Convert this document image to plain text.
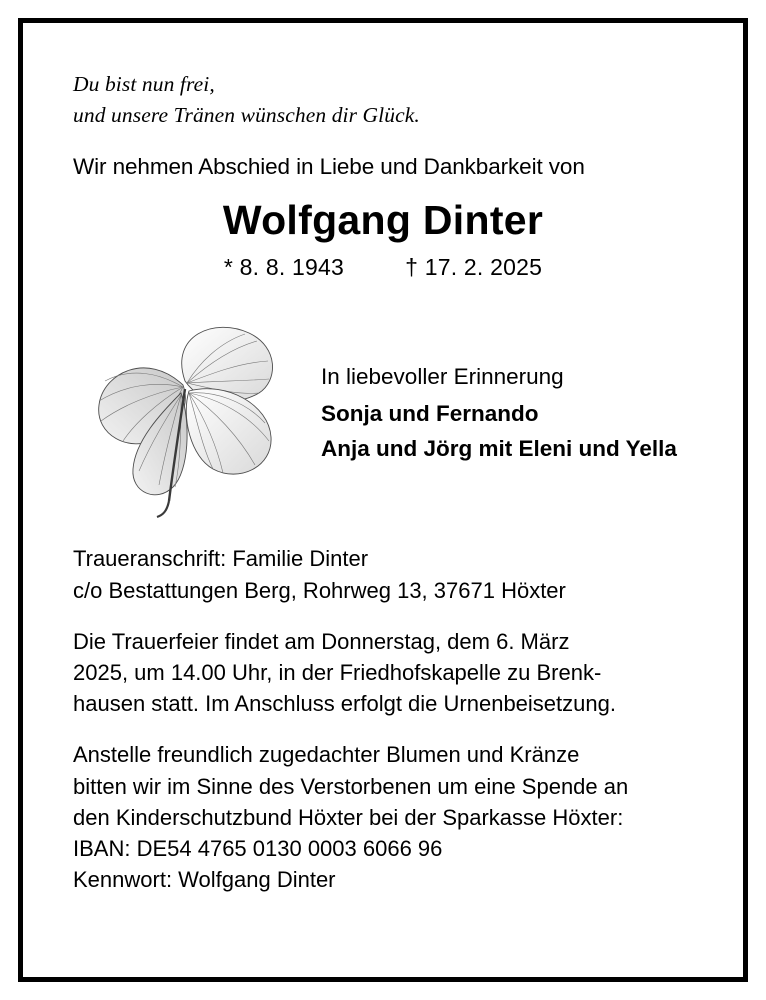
Du bist nun frei,
und unsere Tränen wünschen dir Glück.
Wir nehmen Abschied in Liebe und Dankbarkeit von
Wolfgang Dinter
* 8. 8. 1943	† 17. 2. 2025
In liebevoller Erinnerung
Sonja und Fernando
Anja und Jörg mit Eleni und Yella
Traueranschrift: Familie Dinter
c/o Bestattungen Berg, Rohrweg 13, 37671 Höxter
Die Trauerfeier findet am Donnerstag, dem 6. März
2025, um 14.00 Uhr, in der Friedhofskapelle zu Brenk-
hausen statt. Im Anschluss erfolgt die Urnenbeisetzung.
Anstelle freundlich zugedachter Blumen und Kränze
bitten wir im Sinne des Verstorbenen um eine Spende an
den Kinderschutzbund Höxter bei der Sparkasse Höxter:
IBAN: DE54 4765 0130 0003 6066 96
Kennwort: Wolfgang Dinter
